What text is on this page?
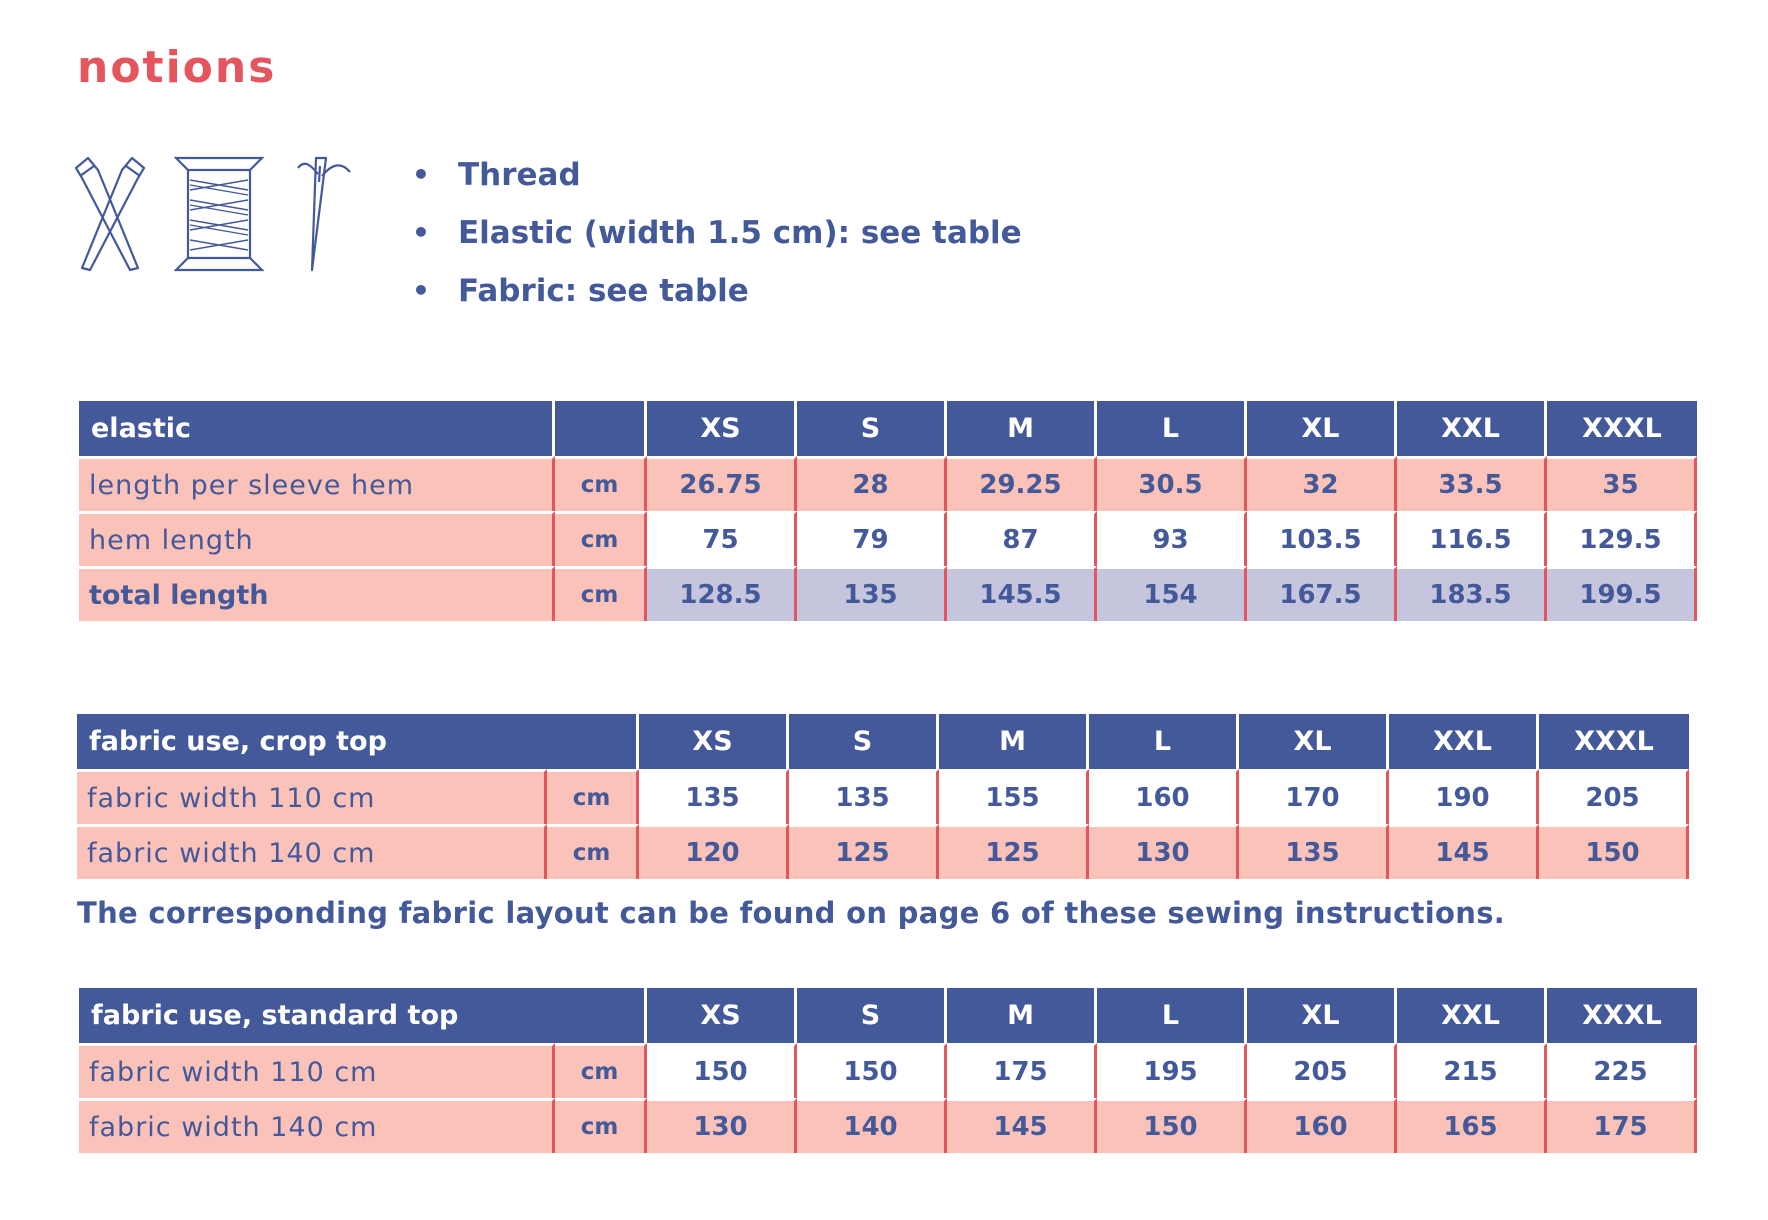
notions
• Thread
• Elastic (width 1.5 cm): see table
• Fabric: see table
elastic		XS	S	M	L	XL	XXL	XXXL
length per sleeve hem	cm	26.75	28	29.25	30.5	32	33.5	35
hem length	cm	75	79	87	93	103.5	116.5	129.5
total length	cm	128.5	135	145.5	154	167.5	183.5	199.5
fabric use, crop top		XS	S	M	L	XL	XXL	XXXL
fabric width 110 cm	cm	135	135	155	160	170	190	205
fabric width 140 cm	cm	120	125	125	130	135	145	150

The corresponding fabric layout can be found on page 6 of these sewing instructions.

fabric use, standard top		XS	S	M	L	XL	XXL	XXXL
fabric width 110 cm	cm	150	150	175	195	205	215	225
fabric width 140 cm	cm	130	140	145	150	160	165	175
